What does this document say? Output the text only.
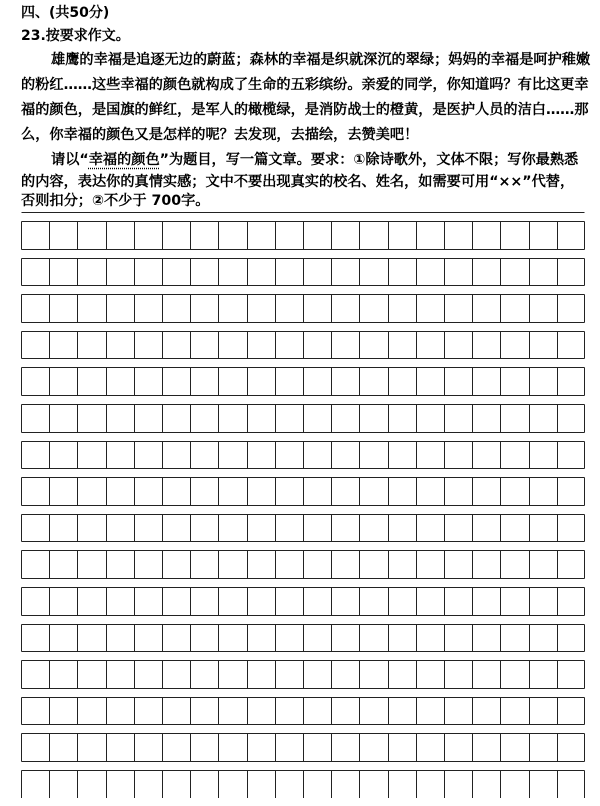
四、(共50分)
23.按要求作文。
雄鹰的幸福是追逐无边的蔚蓝；森林的幸福是织就深沉的翠绿；妈妈的幸福是呵护稚嫩
的粉红……这些幸福的颜色就构成了生命的五彩缤纷。亲爱的同学，你知道吗？有比这更幸
福的颜色，是国旗的鲜红，是军人的橄榄绿，是消防战士的橙黄，是医护人员的洁白……那
么，你幸福的颜色又是怎样的呢？去发现，去描绘，去赞美吧！
请以“幸福的颜色”为题目，写一篇文章。要求：①除诗歌外，文体不限；写你最熟悉
的内容，表达你的真情实感；文中不要出现真实的校名、姓名，如需要可用“××”代替，
否则扣分；②不少于 700字。
